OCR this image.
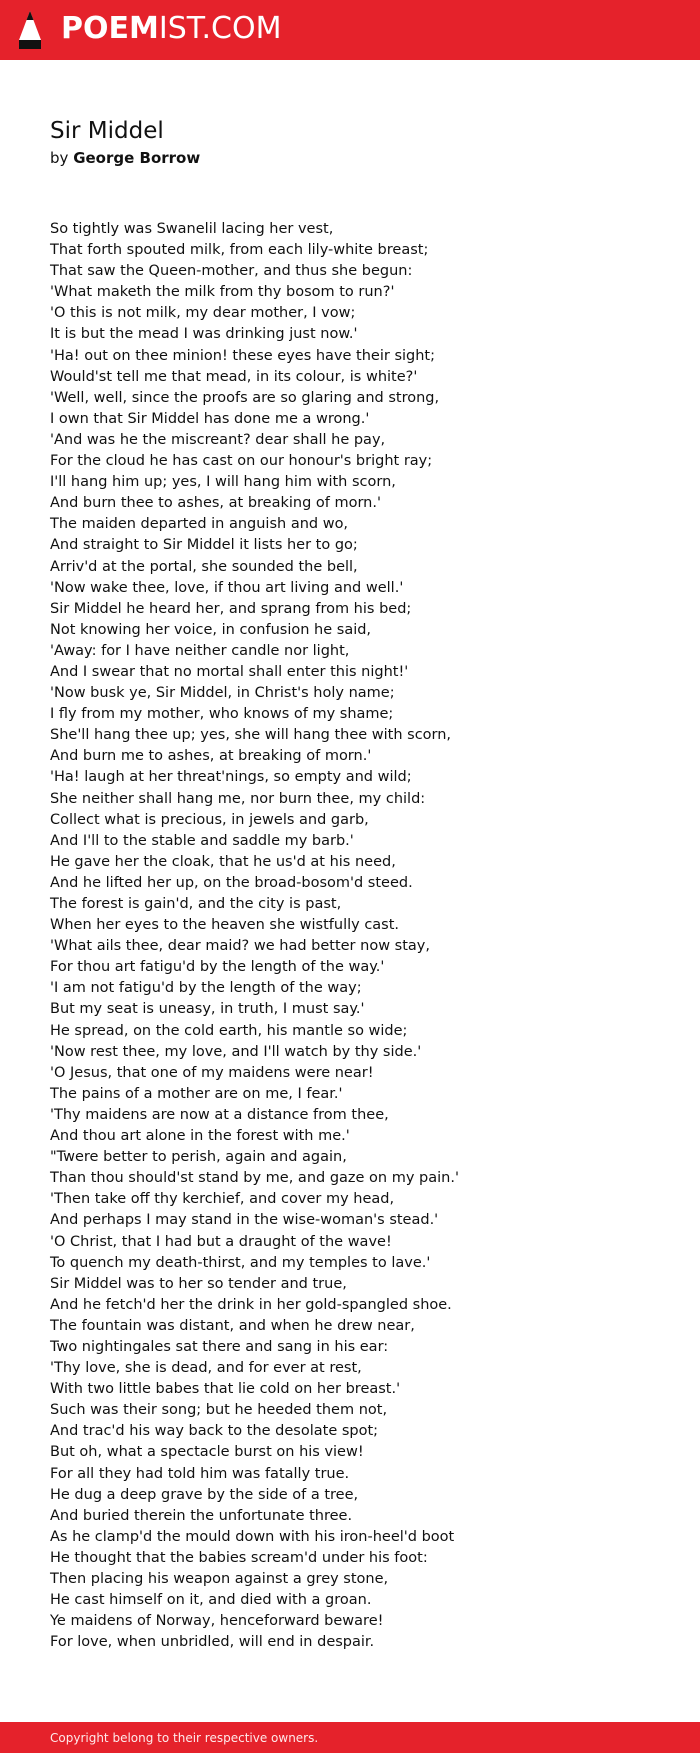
POEMIST.COM
Sir Middel
by George Borrow
So tightly was Swanelil lacing her vest,
That forth spouted milk, from each lily-white breast;
That saw the Queen-mother, and thus she begun:
'What maketh the milk from thy bosom to run?'
'O this is not milk, my dear mother, I vow;
It is but the mead I was drinking just now.'
'Ha! out on thee minion! these eyes have their sight;
Would'st tell me that mead, in its colour, is white?'
'Well, well, since the proofs are so glaring and strong,
I own that Sir Middel has done me a wrong.'
'And was he the miscreant? dear shall he pay,
For the cloud he has cast on our honour's bright ray;
I'll hang him up; yes, I will hang him with scorn,
And burn thee to ashes, at breaking of morn.'
The maiden departed in anguish and wo,
And straight to Sir Middel it lists her to go;
Arriv'd at the portal, she sounded the bell,
'Now wake thee, love, if thou art living and well.'
Sir Middel he heard her, and sprang from his bed;
Not knowing her voice, in confusion he said,
'Away: for I have neither candle nor light,
And I swear that no mortal shall enter this night!'
'Now busk ye, Sir Middel, in Christ's holy name;
I fly from my mother, who knows of my shame;
She'll hang thee up; yes, she will hang thee with scorn,
And burn me to ashes, at breaking of morn.'
'Ha! laugh at her threat'nings, so empty and wild;
She neither shall hang me, nor burn thee, my child:
Collect what is precious, in jewels and garb,
And I'll to the stable and saddle my barb.'
He gave her the cloak, that he us'd at his need,
And he lifted her up, on the broad-bosom'd steed.
The forest is gain'd, and the city is past,
When her eyes to the heaven she wistfully cast.
'What ails thee, dear maid? we had better now stay,
For thou art fatigu'd by the length of the way.'
'I am not fatigu'd by the length of the way;
But my seat is uneasy, in truth, I must say.'
He spread, on the cold earth, his mantle so wide;
'Now rest thee, my love, and I'll watch by thy side.'
'O Jesus, that one of my maidens were near!
The pains of a mother are on me, I fear.'
'Thy maidens are now at a distance from thee,
And thou art alone in the forest with me.'
"Twere better to perish, again and again,
Than thou should'st stand by me, and gaze on my pain.'
'Then take off thy kerchief, and cover my head,
And perhaps I may stand in the wise-woman's stead.'
'O Christ, that I had but a draught of the wave!
To quench my death-thirst, and my temples to lave.'
Sir Middel was to her so tender and true,
And he fetch'd her the drink in her gold-spangled shoe.
The fountain was distant, and when he drew near,
Two nightingales sat there and sang in his ear:
'Thy love, she is dead, and for ever at rest,
With two little babes that lie cold on her breast.'
Such was their song; but he heeded them not,
And trac'd his way back to the desolate spot;
But oh, what a spectacle burst on his view!
For all they had told him was fatally true.
He dug a deep grave by the side of a tree,
And buried therein the unfortunate three.
As he clamp'd the mould down with his iron-heel'd boot
He thought that the babies scream'd under his foot:
Then placing his weapon against a grey stone,
He cast himself on it, and died with a groan.
Ye maidens of Norway, henceforward beware!
For love, when unbridled, will end in despair.
Copyright belong to their respective owners.
